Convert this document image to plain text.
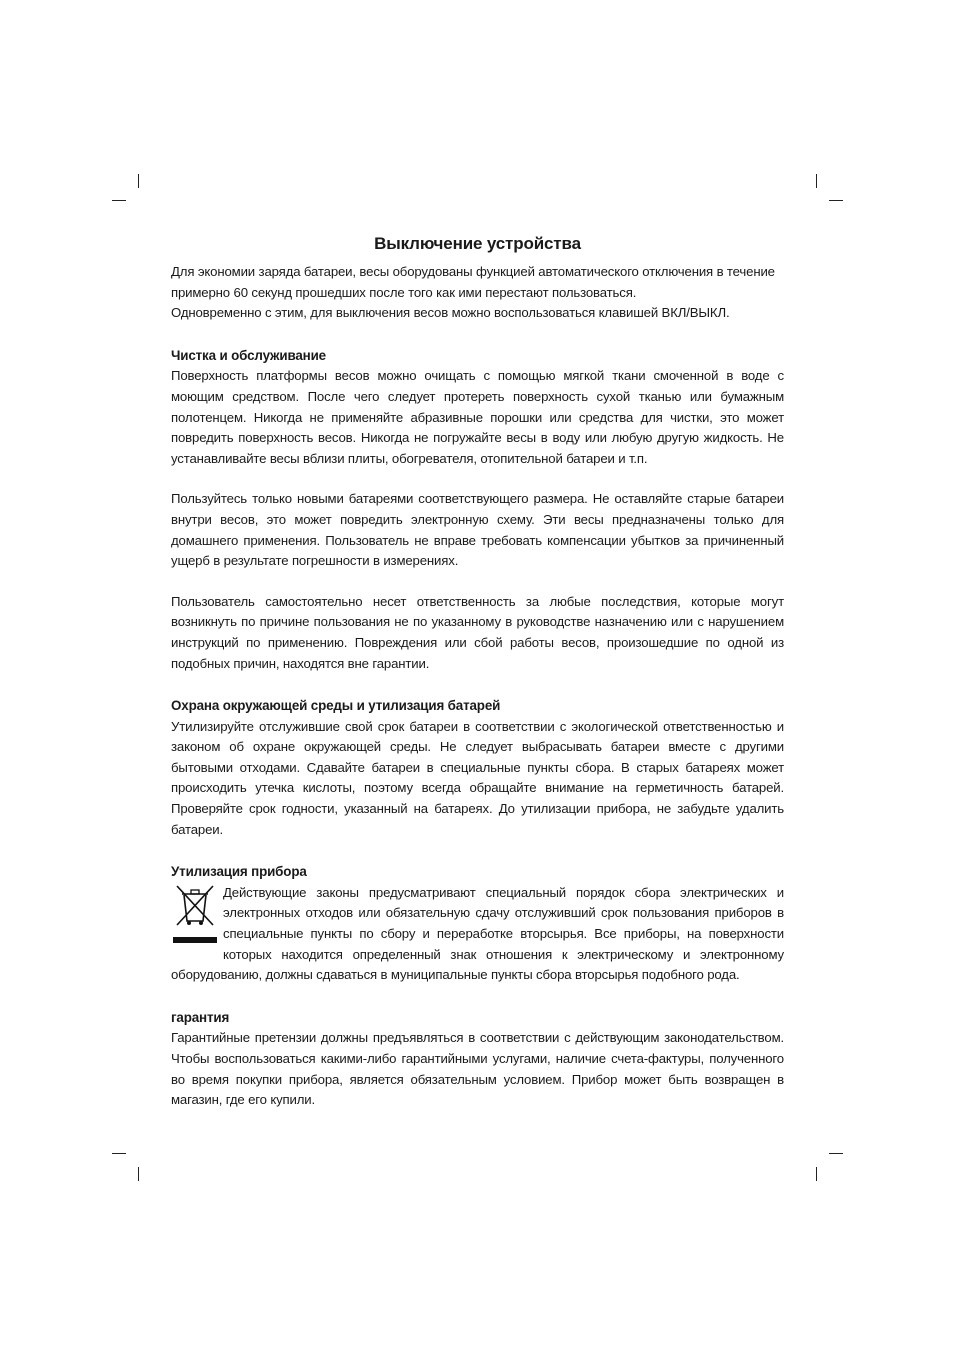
Выключение устройства

Для экономии заряда батареи, весы оборудованы функцией автоматического отключения в течение примерно 60 секунд прошедших после того как ими перестают пользоваться.

Одновременно с этим, для выключения весов можно воспользоваться клавишей ВКЛ/ВЫКЛ.

Чистка и обслуживание

Поверхность платформы весов можно очищать с помощью мягкой ткани смоченной в воде с моющим средством. После чего следует протереть поверхность сухой тканью или бумажным полотенцем. Никогда не применяйте абразивные порошки или средства для чистки, это может повредить поверхность весов. Никогда не погружайте весы в воду или любую другую жидкость. Не устанавливайте весы вблизи плиты, обогревателя, отопительной батареи и т.п.

Пользуйтесь только новыми батареями соответствующего размера. Не оставляйте старые батареи внутри весов, это может повредить электронную схему. Эти весы предназначены только для домашнего применения. Пользователь не вправе требовать компенсации убытков за причиненный ущерб в результате погрешности в измерениях.

Пользователь самостоятельно несет ответственность за любые последствия, которые могут возникнуть по причине пользования не по указанному в руководстве назначению или с нарушением инструкций по применению. Повреждения или сбой работы весов, произошедшие по одной из подобных причин, находятся вне гарантии.

Охрана окружающей среды и утилизация батарей

Утилизируйте отслужившие свой срок батареи в соответствии с экологической ответственностью и законом об охране окружающей среды. Не следует выбрасывать батареи вместе с другими бытовыми отходами. Сдавайте батареи в специальные пункты сбора. В старых батареях может происходить утечка кислоты, поэтому всегда обращайте внимание на герметичность батарей. Проверяйте срок годности, указанный на батареях. До утилизации прибора, не забудьте удалить батареи.

Утилизация прибора

Действующие законы предусматривают специальный порядок сбора электрических и электронных отходов или обязательную сдачу отслуживший срок пользования приборов в специальные пункты по сбору и переработке вторсырья. Все приборы, на поверхности которых находится определенный знак отношения к электрическому и электронному оборудованию, должны сдаваться в муниципальные пункты сбора вторсырья подобного рода.

гарантия

Гарантийные претензии должны предъявляться в соответствии с действующим законодательством. Чтобы воспользоваться какими-либо гарантийными услугами, наличие счета-фактуры, полученного во время покупки прибора, является обязательным условием. Прибор может быть возвращен в магазин, где его купили.
